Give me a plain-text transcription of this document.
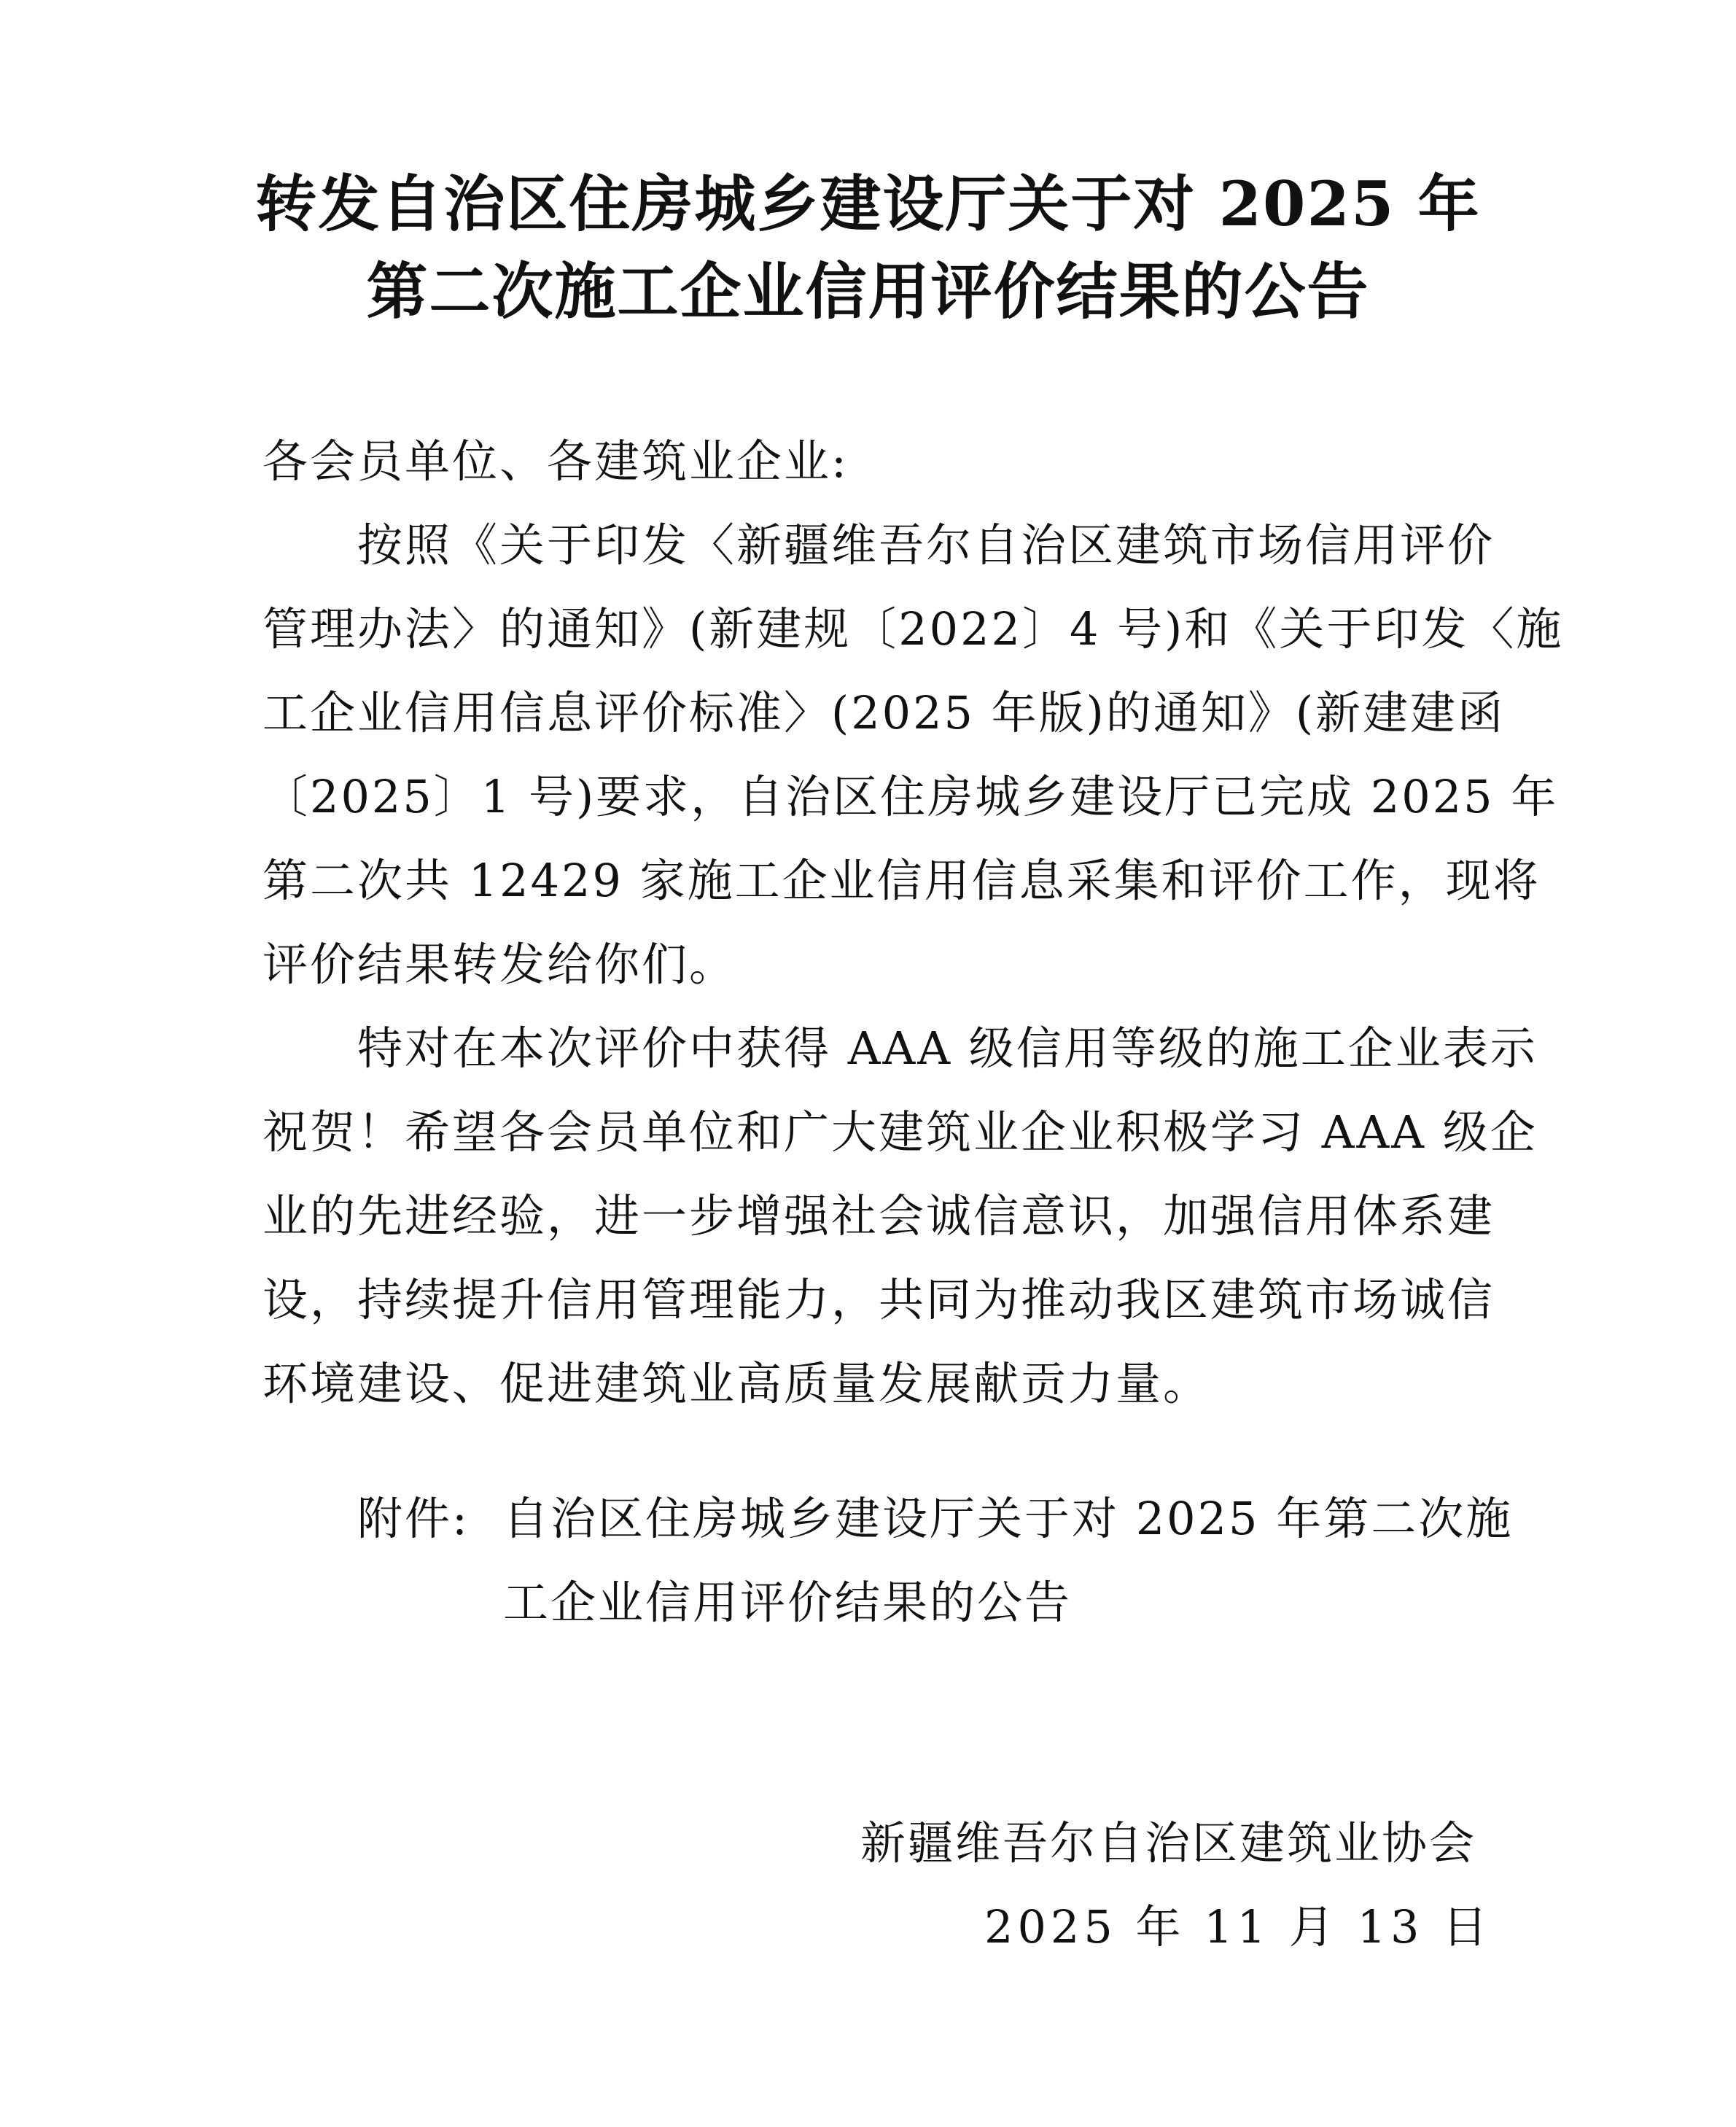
转发自治区住房城乡建设厅关于对 2025 年
第二次施工企业信用评价结果的公告
各会员单位、各建筑业企业:
按照《关于印发〈新疆维吾尔自治区建筑市场信用评价
管理办法〉的通知》(新建规〔2022〕4 号)和《关于印发〈施
工企业信用信息评价标准〉(2025 年版)的通知》(新建建函
〔2025〕1 号)要求，自治区住房城乡建设厅已完成 2025 年
第二次共 12429 家施工企业信用信息采集和评价工作，现将
评价结果转发给你们。
特对在本次评价中获得 AAA 级信用等级的施工企业表示
祝贺！希望各会员单位和广大建筑业企业积极学习 AAA 级企
业的先进经验，进一步增强社会诚信意识，加强信用体系建
设，持续提升信用管理能力，共同为推动我区建筑市场诚信
环境建设、促进建筑业高质量发展献贡力量。
附件: 自治区住房城乡建设厅关于对 2025 年第二次施
工企业信用评价结果的公告
新疆维吾尔自治区建筑业协会
2025 年 11 月 13 日
